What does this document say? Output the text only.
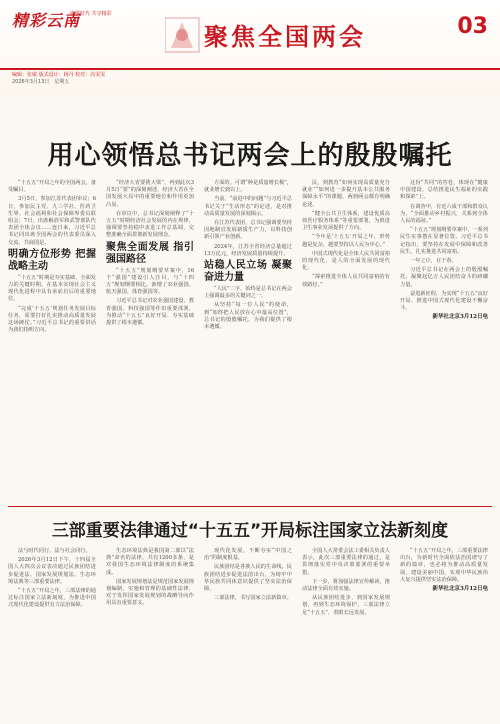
精彩云南
融媒时代 共享精彩
聚焦全国两会	03
编辑：张敏 版式设计：杨丹 校对：高雯雯
2026年3月13日　星期五
用心领悟总书记两会上的殷殷嘱托

“十五五”开局之年的全国两会，备受瞩目。

3月5日，参加江苏代表团审议；6日，参加民主党、九三学社、医药卫生界、社会福利和社会保障界委员联组会；7日，出席解放军和武警部队代表团全体会议……连日来，习近平总书记同出席全国两会的代表委员深入交流，共商国是。

明确方位形势 把握战略主动

“十五五”时期是夯实基础、全面发力的关键时期。在基本实现社会主义现代化进程中具有承前启后的重要地位。

“完成‘十五五’规划任务发展目标任务，需要打好扎实推动高质量发展这场硬仗。”习近平总书记的重要讲话为我们指明方向。

“经济大省要挑大梁”，再到此次3月5日“要”的深刻阐述，经济大省在全国发展大局中的重要地位和作用更加凸显。

在审议中，总书记深刻阐释了“十五五”时期经济社会发展的内在规律，强调要坚持稳中求进工作总基调，完整准确全面贯彻新发展理念。

聚焦全面发展 指引强国路径

“十五五”规划纲要草案中，16个“强国”建设引人注目。与“十四五”规划纲要相比，新增了农业强国、航天强国、体育强国等。

习近平总书记对农业强国建设，教育强国、科技强国等作出重要部署，为推动“十五五”良好开局、夯实基础提供了根本遵循。

方面的。可谓“种是质量增长极”，就业增长到以上。

当前，“前进中的问题”与习近平总书记关于“生活形态”的论述，是对推动高质量发展的深刻揭示。

在江苏代表团，总书记强调要坚持因地制宜发展新质生产力，以科技创新引领产业创新。

2024年，江苏全省经济总量超过13万亿元，经济发展质量持续提升。

站稳人民立场 凝聚奋进力量

“人民”二字，始终是总书记在两会上强调最多的关键词之一。

从坚持“每一位人民”的使命，到“始终把人民放在心中最高位置”，总书记的殷殷嘱托，为我们提供了根本遵循。

民，到教育“如何实现高质量充分就业”“如何进一步提升基本公共服务保障水平”的课题，两到两会都有明确论述。

“健全公共卫生体系，建设优质高效医疗服务体系”等重要部署，为推进卫生事业发展提供了方向。

“今年是‘十五五’开局之年，形势越是复杂，越要坚持以人民为中心。”

中国式现代化是全体人民共同富裕的现代化，是人的全面发展的现代化。

“探索推进全体人民共同富裕的有效路径。”

这份“共同”的答卷，体现在“健康中国建设，总结推进民生福祉的实践和探索”上。

在调查中，有近六成干部和群众认为，“全面推动乡村振兴，关系到全体人民的福祉。”

“十五五”规划纲要草案中，一系列民生实事摆在显著位置。习近平总书记指出，要坚持在发展中保障和改善民生，扎实推进共同富裕。

一年之计，在于春。

习近平总书记在两会上的殷殷嘱托，凝聚起亿万人民团结奋斗的磅礴力量。

奋进新征程，为实现“十五五”良好开局、推进中国式现代化建设不懈奋斗。

新华社北京3月12日电
三部重要法律通过“十五五”开局标注国家立法新刻度

法与时代同行，法与社会同行。

2026年3月12日下午，十四届全国人大四次会议表决通过民族团结进步促进法、国家发展规划法、生态环境法典等三部重要法律。

“十五五”开局之年，三部法律的通过标注国家立法新刻度，为推进中国式现代化建设提供有力法治保障。

生态环境法典是我国第二部以“法典”命名的法律，共有1200多条，是对我国生态环境法律制度的系统集成。

国家发展规划法是规范国家发展规划编制、实施和管理的基础性法律，对于发挥国家发展规划的战略导向作用具有重要意义。

现代化发展，不断夯实“中国之治”的制度根基。

民族团结是各族人民的生命线。民族团结进步促进法的出台，为铸牢中华民族共同体意识提供了坚实法治保障。

三部法律，书写国家立法新篇章。

全国人大常委会法工委相关负责人表示，此次三部重要法律的通过，是贯彻落实党中央决策部署的重要举措。

下一步，将加强法律宣传解读，推动法律全面有效实施。

从民族团结进步，到国家发展规划，再到生态环境保护，三部法律立足“十五五”，着眼长远发展。

“十五五”开局之年，三部重要法律出台，为新时代全面依法治国谱写了新的篇章，也必将为推动高质量发展，建设美丽中国，实现中华民族伟大复兴提供坚实法治保障。

新华社北京3月12日电
